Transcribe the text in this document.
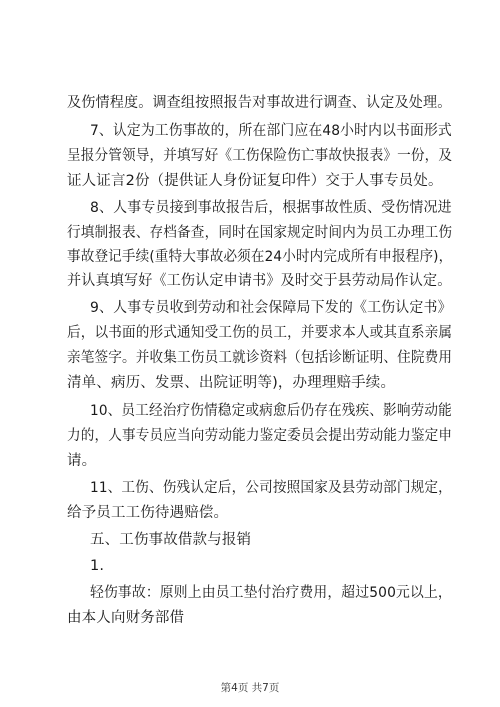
及伤情程度。调查组按照报告对事故进行调查、认定及处理。
7、认定为工伤事故的，所在部门应在48小时内以书面形式
呈报分管领导，并填写好《工伤保险伤亡事故快报表》一份，及
证人证言2份（提供证人身份证复印件）交于人事专员处。
8、人事专员接到事故报告后，根据事故性质、受伤情况进
行填制报表、存档备查，同时在国家规定时间内为员工办理工伤
事故登记手续(重特大事故必须在24小时内完成所有申报程序)，
并认真填写好《工伤认定申请书》及时交于县劳动局作认定。
9、人事专员收到劳动和社会保障局下发的《工伤认定书》
后，以书面的形式通知受工伤的员工，并要求本人或其直系亲属
亲笔签字。并收集工伤员工就诊资料（包括诊断证明、住院费用
清单、病历、发票、出院证明等)，办理理赔手续。
10、员工经治疗伤情稳定或病愈后仍存在残疾、影响劳动能
力的，人事专员应当向劳动能力鉴定委员会提出劳动能力鉴定申
请。
11、工伤、伤残认定后，公司按照国家及县劳动部门规定，
给予员工工伤待遇赔偿。
五、工伤事故借款与报销
1.
轻伤事故：原则上由员工垫付治疗费用，超过500元以上，
由本人向财务部借
第4页 共7页
